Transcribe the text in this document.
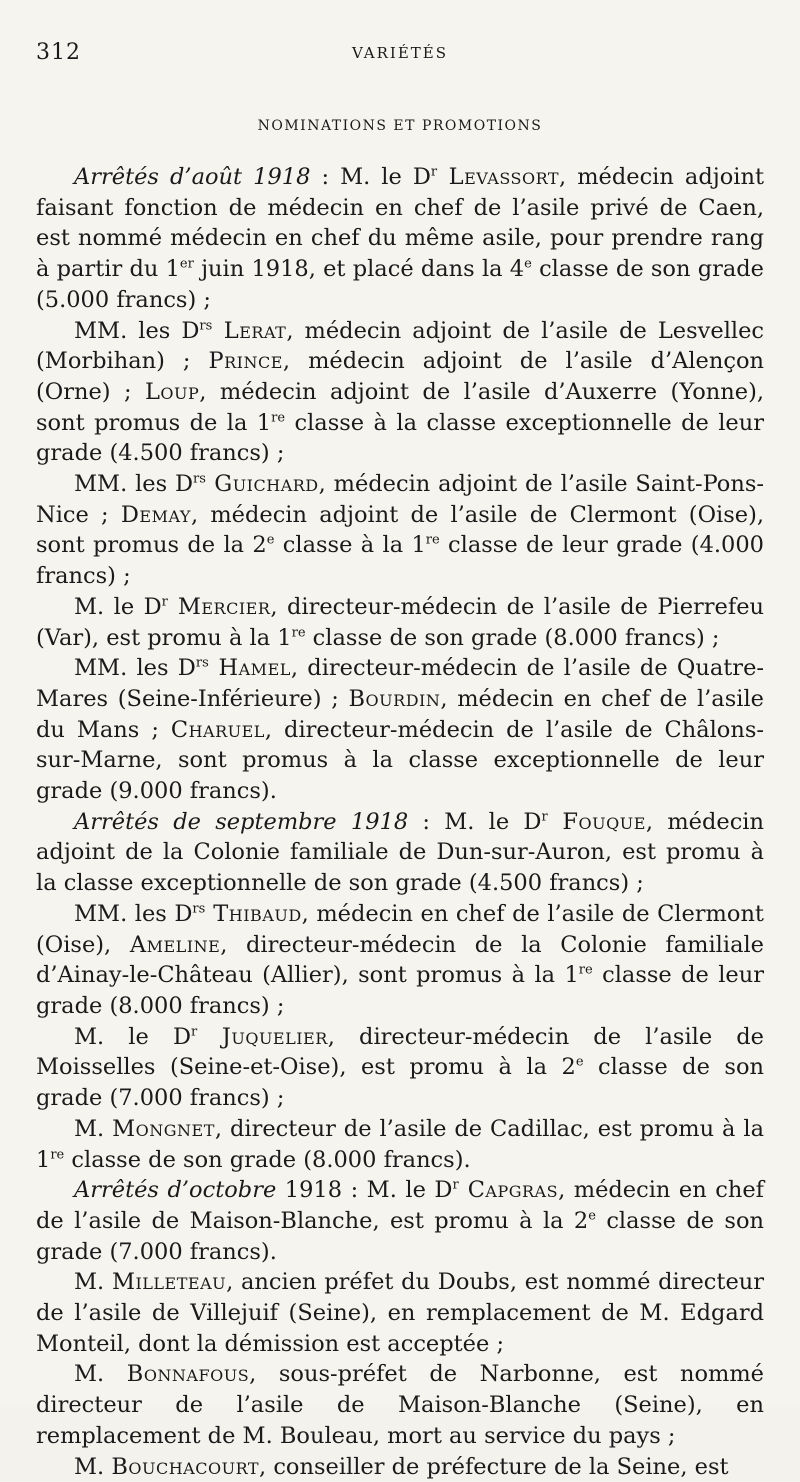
312	VARIÉTÉS
NOMINATIONS ET PROMOTIONS

Arrêtés d’août 1918 : M. le $D^r$ Levassort, médecin adjoint faisant fonction de médecin en chef de l’asile privé de Caen, est nommé médecin en chef du même asile, pour prendre rang à partir du 1er juin 1918, et placé dans la 4e classe de son grade (5.000 francs) ;

MM. les $D^{rs}$ Lerat, médecin adjoint de l’asile de Lesvellec (Morbihan) ; Prince, médecin adjoint de l’asile d’Alençon (Orne) ; Loup, médecin adjoint de l’asile d’Auxerre (Yonne), sont promus de la 1re classe à la classe exceptionnelle de leur grade (4.500 francs) ;

MM. les $D^{rs}$ Guichard, médecin adjoint de l’asile Saint-Pons-Nice ; Demay, médecin adjoint de l’asile de Clermont (Oise), sont promus de la 2e classe à la 1re classe de leur grade (4.000 francs) ;

M. le $D^r$ Mercier, directeur-médecin de l’asile de Pierrefeu (Var), est promu à la 1re classe de son grade (8.000 francs) ;

MM. les $D^{rs}$ Hamel, directeur-médecin de l’asile de Quatre-Mares (Seine-Inférieure) ; Bourdin, médecin en chef de l’asile du Mans ; Charuel, directeur-médecin de l’asile de Châlons-sur-Marne, sont promus à la classe exceptionnelle de leur grade (9.000 francs).

Arrêtés de septembre 1918 : M. le $D^r$ Fouque, médecin adjoint de la Colonie familiale de Dun-sur-Auron, est promu à la classe exceptionnelle de son grade (4.500 francs) ;

MM. les $D^{rs}$ Thibaud, médecin en chef de l’asile de Clermont (Oise), Ameline, directeur-médecin de la Colonie familiale d’Ainay-le-Château (Allier), sont promus à la 1re classe de leur grade (8.000 francs) ;

M. le $D^r$ Juquelier, directeur-médecin de l’asile de Moisselles (Seine-et-Oise), est promu à la 2e classe de son grade (7.000 francs) ;

M. Mongnet, directeur de l’asile de Cadillac, est promu à la 1re classe de son grade (8.000 francs).

Arrêtés d’octobre 1918 : M. le $D^r$ Capgras, médecin en chef de l’asile de Maison-Blanche, est promu à la 2e classe de son grade (7.000 francs).

M. Milleteau, ancien préfet du Doubs, est nommé directeur de l’asile de Villejuif (Seine), en remplacement de M. Edgard Monteil, dont la démission est acceptée ;

M. Bonnafous, sous-préfet de Narbonne, est nommé directeur de l’asile de Maison-Blanche (Seine), en remplacement de M. Bouleau, mort au service du pays ;

M. Bouchacourt, conseiller de préfecture de la Seine, est
